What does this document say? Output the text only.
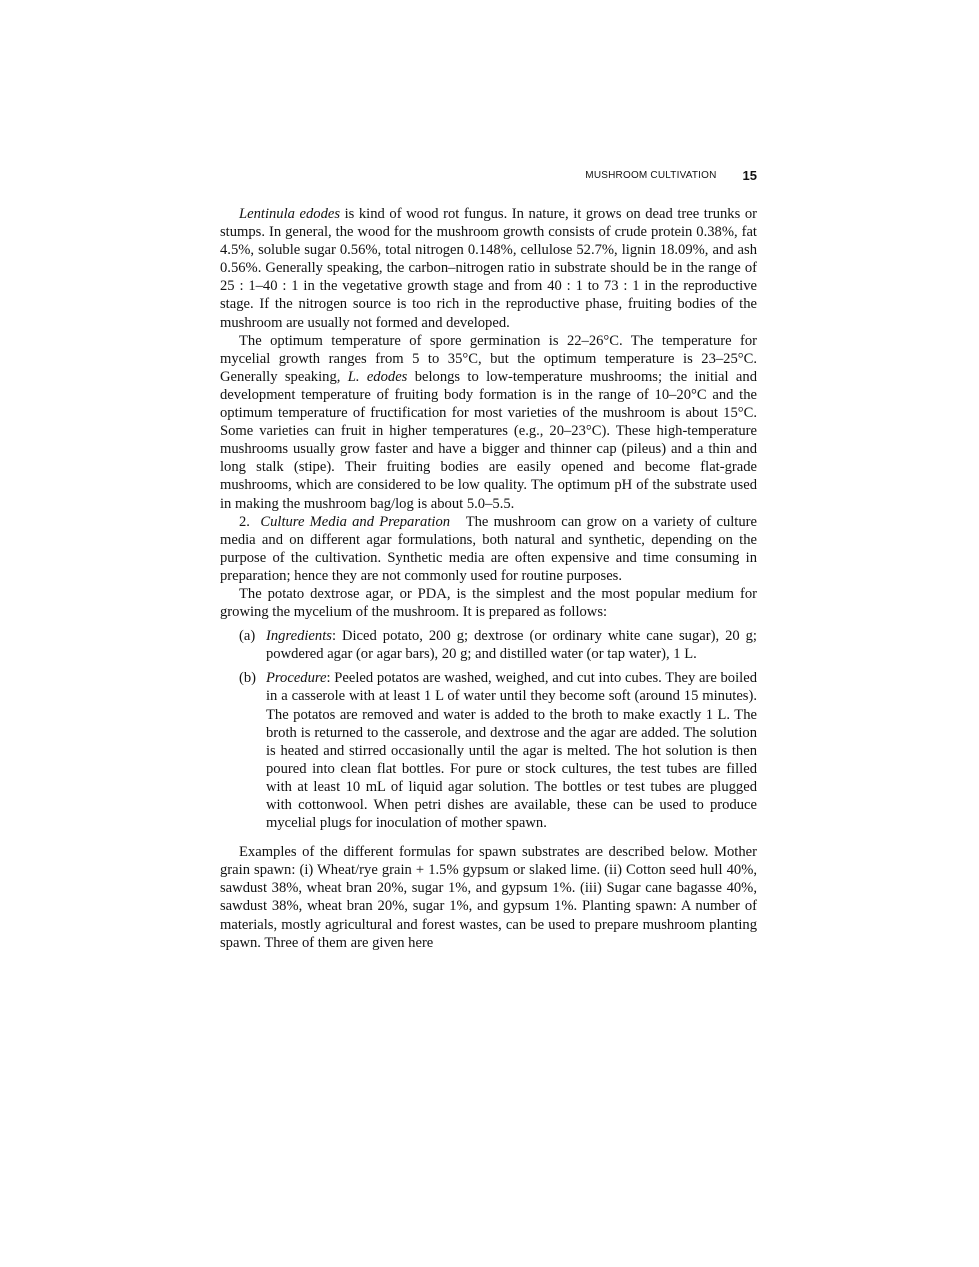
MUSHROOM CULTIVATION 15

Lentinula edodes is kind of wood rot fungus. In nature, it grows on dead tree trunks or stumps. In general, the wood for the mushroom growth consists of crude protein 0.38%, fat 4.5%, soluble sugar 0.56%, total nitrogen 0.148%, cellulose 52.7%, lignin 18.09%, and ash 0.56%. Generally speaking, the carbon–nitrogen ratio in substrate should be in the range of 25 : 1–40 : 1 in the vegetative growth stage and from 40 : 1 to 73 : 1 in the reproductive stage. If the nitrogen source is too rich in the reproductive phase, fruiting bodies of the mushroom are usually not formed and developed.

The optimum temperature of spore germination is 22–26°C. The temperature for mycelial growth ranges from 5 to 35°C, but the optimum temperature is 23–25°C. Generally speaking, L. edodes belongs to low-temperature mushrooms; the initial and development temperature of fruiting body formation is in the range of 10–20°C and the optimum temperature of fructification for most varieties of the mushroom is about 15°C. Some varieties can fruit in higher temperatures (e.g., 20–23°C). These high-temperature mushrooms usually grow faster and have a bigger and thinner cap (pileus) and a thin and long stalk (stipe). Their fruiting bodies are easily opened and become flat-grade mushrooms, which are considered to be low quality. The optimum pH of the substrate used in making the mushroom bag/log is about 5.0–5.5.

2. Culture Media and Preparation The mushroom can grow on a variety of culture media and on different agar formulations, both natural and synthetic, depending on the purpose of the cultivation. Synthetic media are often expensive and time consuming in preparation; hence they are not commonly used for routine purposes.

The potato dextrose agar, or PDA, is the simplest and the most popular medium for growing the mycelium of the mushroom. It is prepared as follows:

(a) Ingredients: Diced potato, 200 g; dextrose (or ordinary white cane sugar), 20 g; powdered agar (or agar bars), 20 g; and distilled water (or tap water), 1 L.
(b) Procedure: Peeled potatos are washed, weighed, and cut into cubes. They are boiled in a casserole with at least 1 L of water until they become soft (around 15 minutes). The potatos are removed and water is added to the broth to make exactly 1 L. The broth is returned to the casserole, and dextrose and the agar are added. The solution is heated and stirred occasionally until the agar is melted. The hot solution is then poured into clean flat bottles. For pure or stock cultures, the test tubes are filled with at least 10 mL of liquid agar solution. The bottles or test tubes are plugged with cottonwool. When petri dishes are available, these can be used to produce mycelial plugs for inoculation of mother spawn.

Examples of the different formulas for spawn substrates are described below. Mother grain spawn: (i) Wheat/rye grain + 1.5% gypsum or slaked lime. (ii) Cotton seed hull 40%, sawdust 38%, wheat bran 20%, sugar 1%, and gypsum 1%. (iii) Sugar cane bagasse 40%, sawdust 38%, wheat bran 20%, sugar 1%, and gypsum 1%. Planting spawn: A number of materials, mostly agricultural and forest wastes, can be used to prepare mushroom planting spawn. Three of them are given here
